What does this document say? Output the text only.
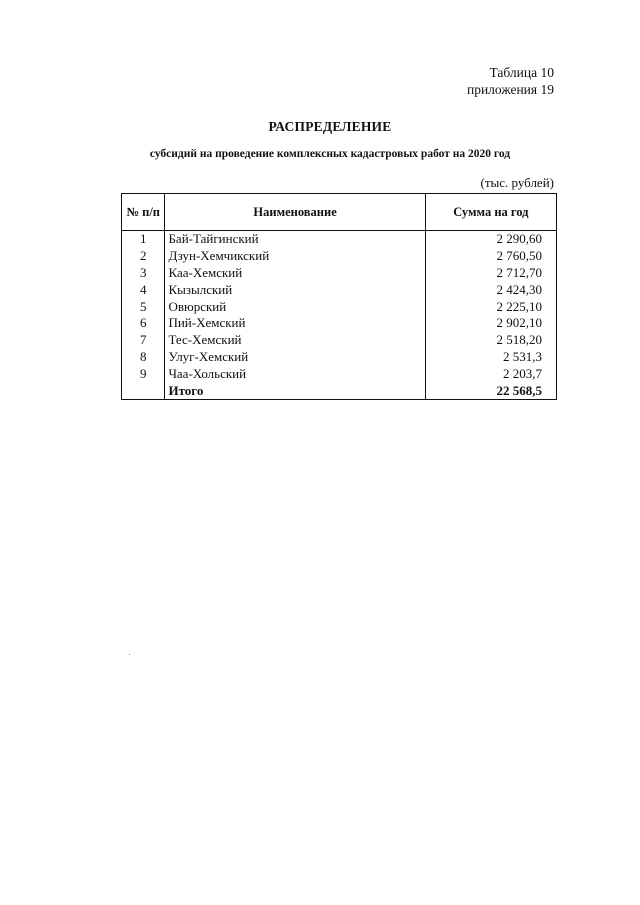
Таблица 10
приложения 19
РАСПРЕДЕЛЕНИЕ
субсидий на проведение комплексных кадастровых работ на 2020 год
(тыс. рублей)
№ п/п	Наименование	Сумма на год
1	Бай-Тайгинский	2 290,60
2	Дзун-Хемчикский	2 760,50
3	Каа-Хемский	2 712,70
4	Кызылский	2 424,30
5	Овюрский	2 225,10
6	Пий-Хемский	2 902,10
7	Тес-Хемский	2 518,20
8	Улуг-Хемский	2 531,3
9	Чаа-Хольский	2 203,7
	Итого	22 568,5
